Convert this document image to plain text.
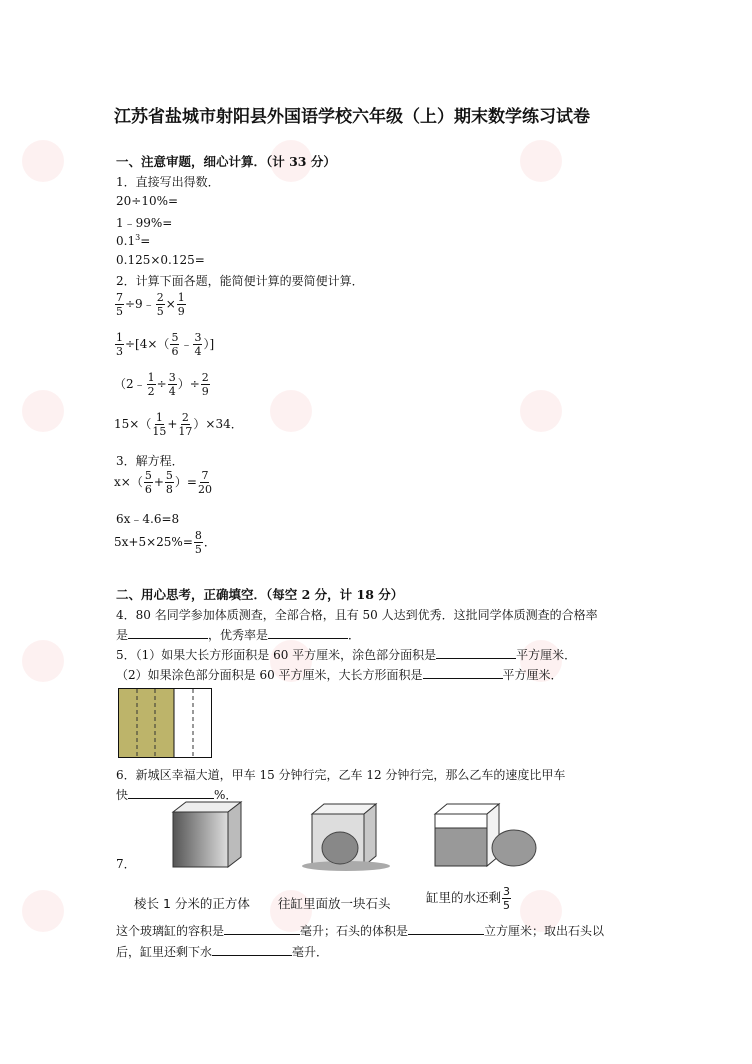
江苏省盐城市射阳县外国语学校六年级（上）期末数学练习试卷
一、注意审题，细心计算．（计 33 分）
1．直接写出得数．
20÷10%=
1﹣99%=
$0.1^3=$
0.125×0.125=
2．计算下面各题，能简便计算的要简便计算．
$\frac{7}{5}$ ÷9﹣ $\frac{2}{5} \times \frac{1}{9}$
$\frac{1}{3} \div[4\times( \frac{5}{6}$ ﹣ $\frac{3}{4}$ ）]
（2﹣ $\frac{1}{2} \div \frac{3}{4}$ ）÷ $\frac{2}{9}$
$15\times( \frac{1}{15} + \frac{2}{17} )\times 34$．
3．解方程．
$x\times( \frac{5}{6} + \frac{5}{8}$ ）= $\frac{7}{20}$
6x﹣4.6=8
$5x+5\times 25\%= \frac{8}{5}$ ．
二、用心思考，正确填空．（每空 2 分，计 18 分）
4．80 名同学参加体质测查，全部合格，且有 50 人达到优秀．这批同学体质测查的合格率
是	，优秀率是	．
5．（1）如果大长方形面积是 60 平方厘米，涂色部分面积是	平方厘米．
（2）如果涂色部分面积是 60 平方厘米，大长方形面积是	平方厘米．
6．新城区幸福大道，甲车 15 分钟行完，乙车 12 分钟行完，那么乙车的速度比甲车
快	%．
7．
棱长 1 分米的正方体 往缸里面放一块石头	缸里的水还剩 $\frac{3}{5}$
这个玻璃缸的容积是	毫升；石头的体积是	立方厘米；取出石头以
后，缸里还剩下水	毫升．
